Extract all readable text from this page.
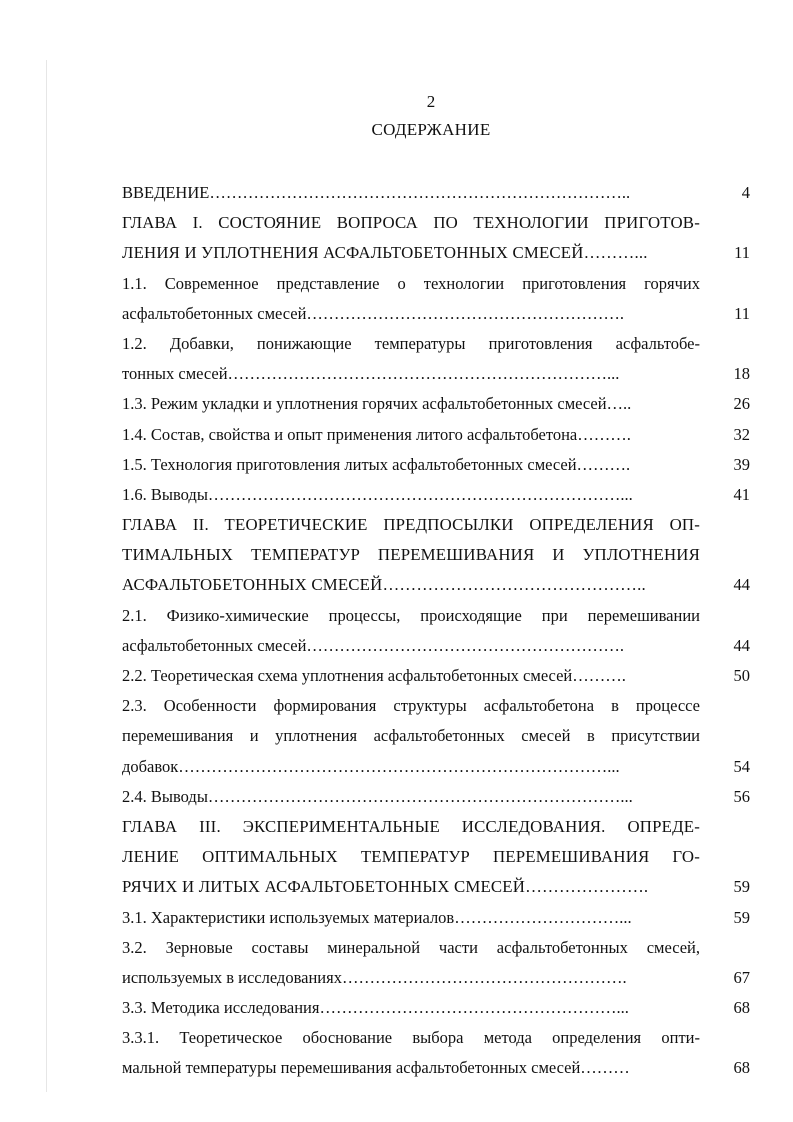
2
СОДЕРЖАНИЕ
ВВЕДЕНИЕ…………………………………………………………………..	4
ГЛАВА I. СОСТОЯНИЕ ВОПРОСА ПО ТЕХНОЛОГИИ ПРИГОТОВ-
ЛЕНИЯ И УПЛОТНЕНИЯ АСФАЛЬТОБЕТОННЫХ СМЕСЕЙ………...	11
1.1. Современное представление о технологии приготовления горячих
асфальтобетонных смесей………………………………………………….	11
1.2. Добавки, понижающие температуры приготовления асфальтобе-
тонных смесей……………………………………………………………...	18
1.3. Режим укладки и уплотнения горячих асфальтобетонных смесей…..	26
1.4. Состав, свойства и опыт применения литого асфальтобетона……….	32
1.5. Технология приготовления литых асфальтобетонных смесей……….	39
1.6. Выводы…………………………………………………………………...	41
ГЛАВА II. ТЕОРЕТИЧЕСКИЕ ПРЕДПОСЫЛКИ ОПРЕДЕЛЕНИЯ ОП-
ТИМАЛЬНЫХ ТЕМПЕРАТУР ПЕРЕМЕШИВАНИЯ И УПЛОТНЕНИЯ
АСФАЛЬТОБЕТОННЫХ СМЕСЕЙ………………………………………..	44
2.1. Физико-химические процессы, происходящие при перемешивании
асфальтобетонных смесей………………………………………………….	44
2.2. Теоретическая схема уплотнения асфальтобетонных смесей……….	50
2.3. Особенности формирования структуры асфальтобетона в процессе
перемешивания и уплотнения асфальтобетонных смесей в присутствии
добавок……………………………………………………………………...	54
2.4. Выводы…………………………………………………………………...	56
ГЛАВА III. ЭКСПЕРИМЕНТАЛЬНЫЕ ИССЛЕДОВАНИЯ. ОПРЕДЕ-
ЛЕНИЕ ОПТИМАЛЬНЫХ ТЕМПЕРАТУР ПЕРЕМЕШИВАНИЯ ГО-
РЯЧИХ И ЛИТЫХ АСФАЛЬТОБЕТОННЫХ СМЕСЕЙ………………….	59
3.1. Характеристики используемых материалов…………………………...	59
3.2. Зерновые составы минеральной части асфальтобетонных смесей,
используемых в исследованиях…………………………………………….	67
3.3. Методика исследования………………………………………………...	68
3.3.1. Теоретическое обоснование выбора метода определения опти-
мальной температуры перемешивания асфальтобетонных смесей………	68
